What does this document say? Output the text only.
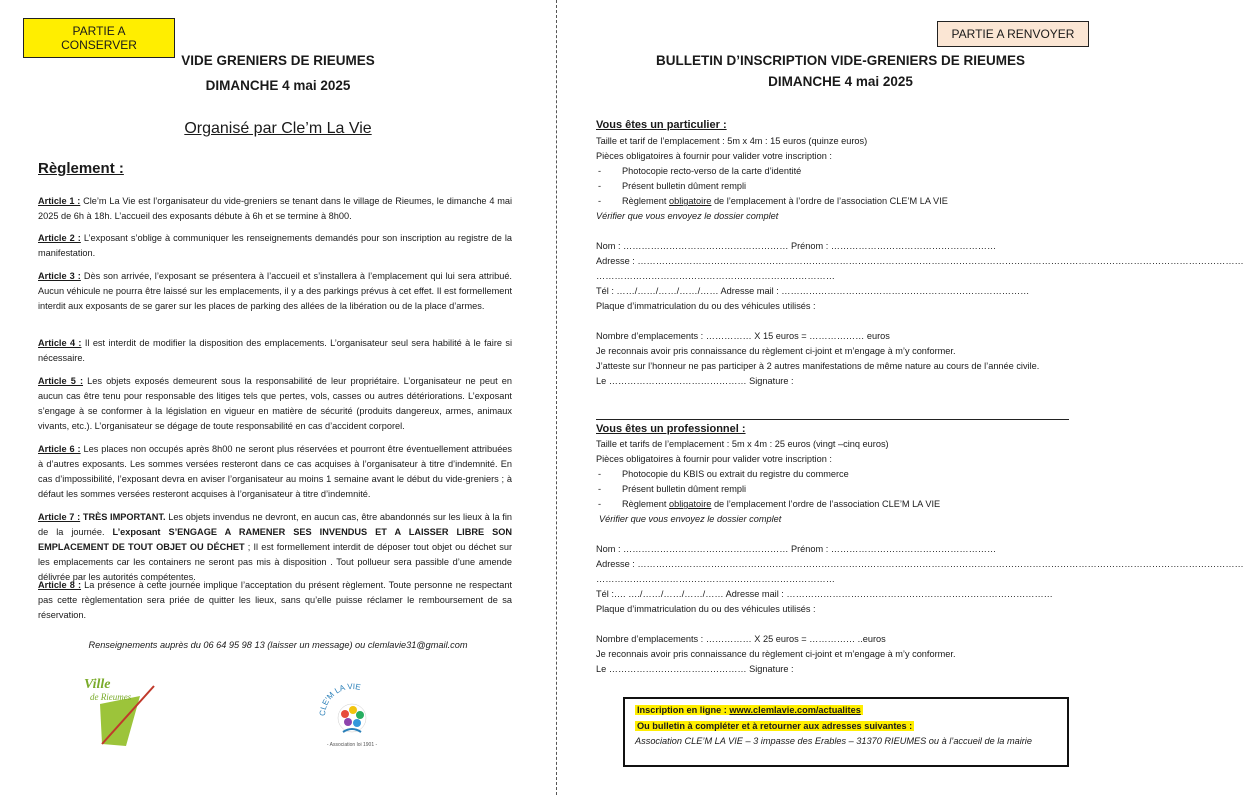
PARTIE A CONSERVER
VIDE GRENIERS DE RIEUMES
DIMANCHE 4 mai 2025
Organisé par Cle’m La Vie
Règlement :
Article 1 : Cle’m La Vie est l’organisateur du vide-greniers se tenant dans le village de Rieumes, le dimanche 4 mai 2025 de 6h à 18h. L’accueil des exposants débute à 6h et se termine à 8h00.
Article 2 : L’exposant s’oblige à communiquer les renseignements demandés pour son inscription au registre de la manifestation.
Article 3 : Dès son arrivée, l’exposant se présentera à l’accueil et s’installera à l’emplacement qui lui sera attribué. Aucun véhicule ne pourra être laissé sur les emplacements, il y a des parkings prévus à cet effet. Il est formellement interdit aux exposants de se garer sur les places de parking des allées de la libération ou de la place d’armes.
Article 4 : Il est interdit de modifier la disposition des emplacements. L’organisateur seul sera habilité à le faire si nécessaire.
Article 5 : Les objets exposés demeurent sous la responsabilité de leur propriétaire. L’organisateur ne peut en aucun cas être tenu pour responsable des litiges tels que pertes, vols, casses ou autres détériorations. L’exposant s’engage à se conformer à la législation en vigueur en matière de sécurité (produits dangereux, armes, animaux vivants, etc.). L’organisateur se dégage de toute responsabilité en cas d’accident corporel.
Article 6 : Les places non occupés après 8h00 ne seront plus réservées et pourront être éventuellement attribuées à d’autres exposants. Les sommes versées resteront dans ce cas acquises à l’organisateur à titre d’indemnité. En cas d’impossibilité, l’exposant devra en aviser l’organisateur au moins 1 semaine avant le début du vide-greniers ; à défaut les sommes versées resteront acquises à l’organisateur à titre d’indemnité.
Article 7 : TRÈS IMPORTANT. Les objets invendus ne devront, en aucun cas, être abandonnés sur les lieux à la fin de la journée. L’exposant S’ENGAGE A RAMENER SES INVENDUS ET A LAISSER LIBRE SON EMPLACEMENT DE TOUT OBJET OU DÉCHET ; Il est formellement interdit de déposer tout objet ou déchet sur les emplacements car les containers ne seront pas mis à disposition . Tout pollueur sera passible d’une amende délivrée par les autorités compétentes.
Article 8 : La présence à cette journée implique l’acceptation du présent règlement. Toute personne ne respectant pas cette règlementation sera priée de quitter les lieux, sans qu’elle puisse réclamer le remboursement de sa réservation.
Renseignements auprès du 06 64 95 98 13 (laisser un message) ou clemlavie31@gmail.com
Ville
de Rieumes
CLE'M LA VIE
- Association loi 1901 -
PARTIE A RENVOYER
BULLETIN D’INSCRIPTION VIDE-GRENIERS DE RIEUMES
DIMANCHE 4 mai 2025
Vous êtes un particulier :
Taille et tarif de l’emplacement : 5m x 4m : 15 euros (quinze euros)
Pièces obligatoires à fournir pour valider votre inscription :
- Photocopie recto-verso de la carte d’identité
- Présent bulletin dûment rempli
- Règlement obligatoire de l’emplacement à l’ordre de l’association CLE’M LA VIE
Vérifier que vous envoyez le dossier complet
Nom : ……………………………………………… Prénom : ………………………………………………
Adresse : ………………………………………………………………………………………………………………………………………………………………………………
……………………………………………………………………
Tél : ……/……/……/……/…… Adresse mail : ………………………………………………………………………
Plaque d’immatriculation du ou des véhicules utilisés :
Nombre d’emplacements : …………… X 15 euros = ……………… euros
Je reconnais avoir pris connaissance du règlement ci-joint et m’engage à m’y conformer.
J’atteste sur l’honneur ne pas participer à 2 autres manifestations de même nature au cours de l’année civile.
Le ……………………………………… Signature :
Vous êtes un professionnel :
Taille et tarifs de l’emplacement : 5m x 4m : 25 euros (vingt –cinq euros)
Pièces obligatoires à fournir pour valider votre inscription :
- Photocopie du KBIS ou extrait du registre du commerce
- Présent bulletin dûment rempli
- Règlement obligatoire de l’emplacement l’ordre de l’association CLE’M LA VIE
Vérifier que vous envoyez le dossier complet
Nom : ……………………………………………… Prénom : ………………………………………………
Adresse : ………………………………………………………………………………………………………………………………………………………………………………
……………………………………………………………………
Tél :…. …./……/……/……/…… Adresse mail : ……………………………………………………………………………
Plaque d’immatriculation du ou des véhicules utilisés :
Nombre d’emplacements : …………… X 25 euros = …………… ..euros
Je reconnais avoir pris connaissance du règlement ci-joint et m’engage à m’y conformer.
Le ……………………………………… Signature :
Inscription en ligne : www.clemlavie.com/actualites
Ou bulletin à compléter et à retourner aux adresses suivantes :
Association CLE’M LA VIE – 3 impasse des Erables – 31370 RIEUMES ou à l’accueil de la mairie
